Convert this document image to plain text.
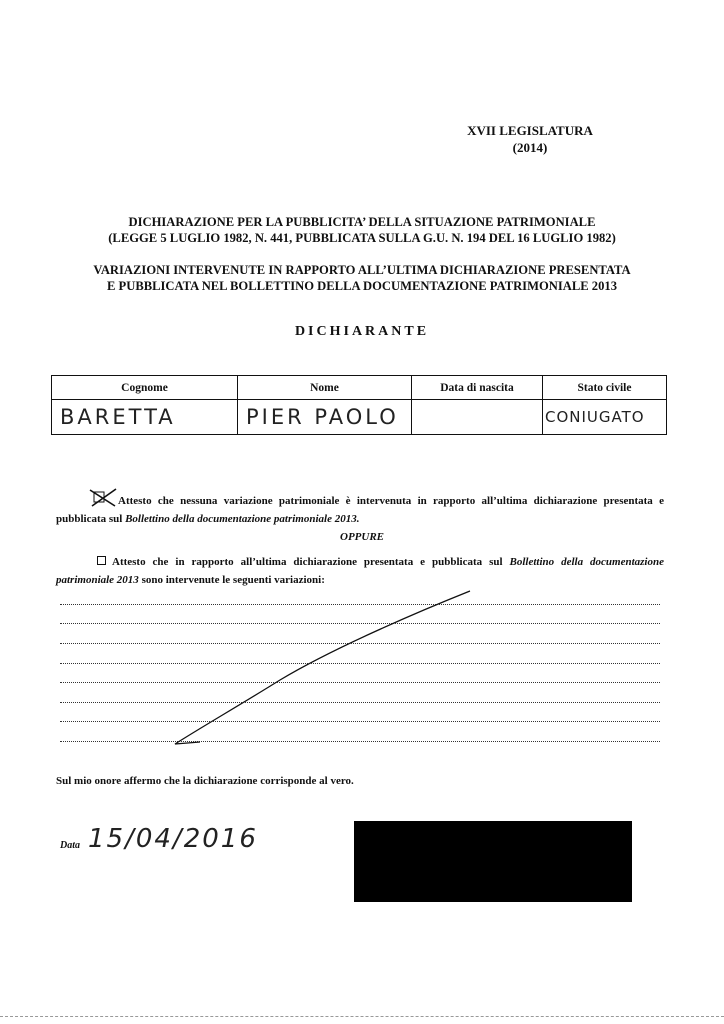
XVII LEGISLATURA
(2014)
DICHIARAZIONE PER LA PUBBLICITA’ DELLA SITUAZIONE PATRIMONIALE
(LEGGE 5 LUGLIO 1982, N. 441, PUBBLICATA SULLA G.U. N. 194 DEL 16 LUGLIO 1982)
VARIAZIONI INTERVENUTE IN RAPPORTO ALL’ULTIMA DICHIARAZIONE PRESENTATA
E PUBBLICATA NEL BOLLETTINO DELLA DOCUMENTAZIONE PATRIMONIALE 2013
DICHIARANTE
Cognome	Nome	Data di nascita	Stato civile
BARETTA	PIER PAOLO		CONIUGATO
Attesto che nessuna variazione patrimoniale è intervenuta in rapporto all’ultima dichiarazione presentata e pubblicata sul Bollettino della documentazione patrimoniale 2013.
OPPURE
Attesto che in rapporto all’ultima dichiarazione presentata e pubblicata sul Bollettino della documentazione patrimoniale 2013 sono intervenute le seguenti variazioni:
Sul mio onore affermo che la dichiarazione corrisponde al vero.
Data 15/04/2016
